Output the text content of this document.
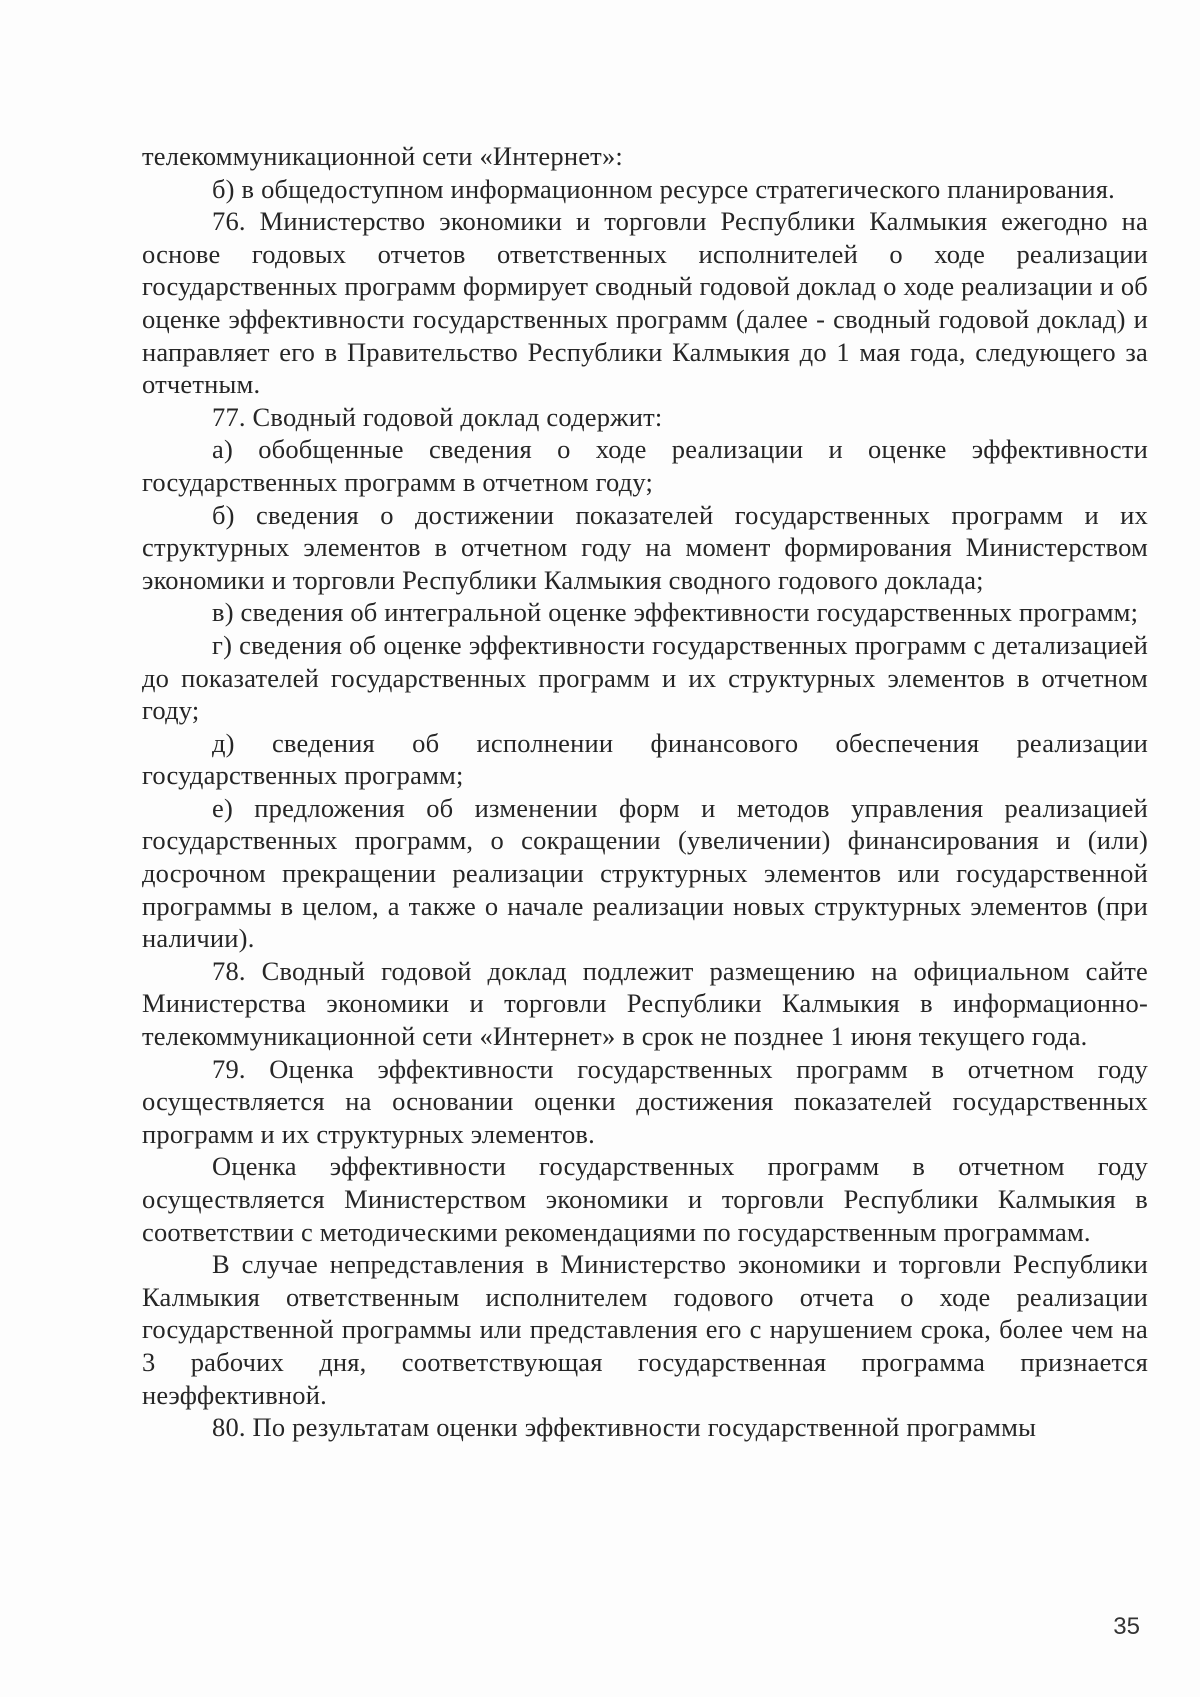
телекоммуникационной сети «Интернет»:

б) в общедоступном информационном ресурсе стратегического планирования.

76. Министерство экономики и торговли Республики Калмыкия ежегодно на основе годовых отчетов ответственных исполнителей о ходе реализации государственных программ формирует сводный годовой доклад о ходе реализации и об оценке эффективности государственных программ (далее - сводный годовой доклад) и направляет его в Правительство Республики Калмыкия до 1 мая года, следующего за отчетным.

77. Сводный годовой доклад содержит:

а) обобщенные сведения о ходе реализации и оценке эффективности государственных программ в отчетном году;

б) сведения о достижении показателей государственных программ и их структурных элементов в отчетном году на момент формирования Министерством экономики и торговли Республики Калмыкия сводного годового доклада;

в) сведения об интегральной оценке эффективности государственных программ;

г) сведения об оценке эффективности государственных программ с детализацией до показателей государственных программ и их структурных элементов в отчетном году;

д) сведения об исполнении финансового обеспечения реализации государственных программ;

е) предложения об изменении форм и методов управления реализацией государственных программ, о сокращении (увеличении) финансирования и (или) досрочном прекращении реализации структурных элементов или государственной программы в целом, а также о начале реализации новых структурных элементов (при наличии).

78. Сводный годовой доклад подлежит размещению на официальном сайте Министерства экономики и торговли Республики Калмыкия в информационно-телекоммуникационной сети «Интернет» в срок не позднее 1 июня текущего года.

79. Оценка эффективности государственных программ в отчетном году осуществляется на основании оценки достижения показателей государственных программ и их структурных элементов.

Оценка эффективности государственных программ в отчетном году осуществляется Министерством экономики и торговли Республики Калмыкия в соответствии с методическими рекомендациями по государственным программам.

В случае непредставления в Министерство экономики и торговли Республики Калмыкия ответственным исполнителем годового отчета о ходе реализации государственной программы или представления его с нарушением срока, более чем на 3 рабочих дня, соответствующая государственная программа признается неэффективной.

80. По результатам оценки эффективности государственной программы

35
